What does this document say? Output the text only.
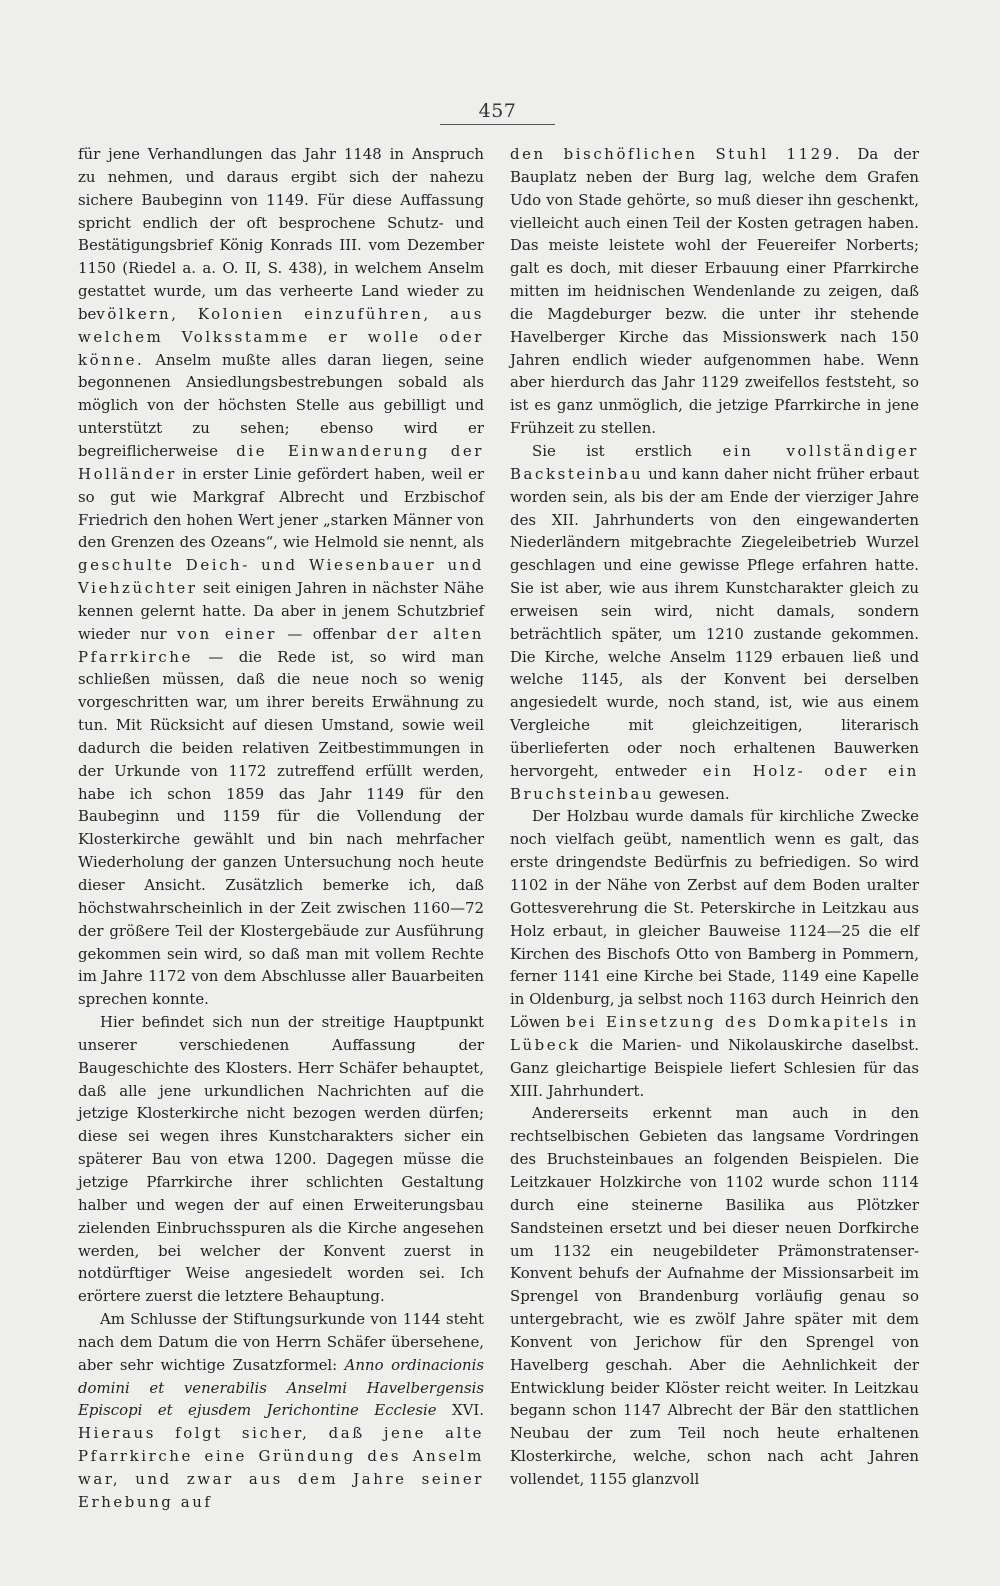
457

für jene Verhandlungen das Jahr 1148 in Anspruch zu nehmen, und daraus ergibt sich der nahezu sichere Baubeginn von 1149. Für diese Auffassung spricht endlich der oft besprochene Schutz- und Bestätigungsbrief König Konrads III. vom Dezember 1150 (Riedel a. a. O. II, S. 438), in welchem Anselm gestattet wurde, um das verheerte Land wieder zu bevölkern, Kolonien einzuführen, aus welchem Volksstamme er wolle oder könne. Anselm mußte alles daran liegen, seine begonnenen Ansiedlungsbestrebungen sobald als möglich von der höchsten Stelle aus gebilligt und unterstützt zu sehen; ebenso wird er begreiflicherweise die Einwanderung der Holländer in erster Linie gefördert haben, weil er so gut wie Markgraf Albrecht und Erzbischof Friedrich den hohen Wert jener „starken Männer von den Grenzen des Ozeans“, wie Helmold sie nennt, als geschulte Deich- und Wiesenbauer und Viehzüchter seit einigen Jahren in nächster Nähe kennen gelernt hatte. Da aber in jenem Schutzbrief wieder nur von einer — offenbar der alten Pfarrkirche — die Rede ist, so wird man schließen müssen, daß die neue noch so wenig vorgeschritten war, um ihrer bereits Erwähnung zu tun. Mit Rücksicht auf diesen Umstand, sowie weil dadurch die beiden relativen Zeitbestimmungen in der Urkunde von 1172 zutreffend erfüllt werden, habe ich schon 1859 das Jahr 1149 für den Baubeginn und 1159 für die Vollendung der Klosterkirche gewählt und bin nach mehrfacher Wiederholung der ganzen Untersuchung noch heute dieser Ansicht. Zusätzlich bemerke ich, daß höchstwahrscheinlich in der Zeit zwischen 1160—72 der größere Teil der Klostergebäude zur Ausführung gekommen sein wird, so daß man mit vollem Rechte im Jahre 1172 von dem Abschlusse aller Bauarbeiten sprechen konnte.

Hier befindet sich nun der streitige Hauptpunkt unserer verschiedenen Auffassung der Baugeschichte des Klosters. Herr Schäfer behauptet, daß alle jene urkundlichen Nachrichten auf die jetzige Klosterkirche nicht bezogen werden dürfen; diese sei wegen ihres Kunstcharakters sicher ein späterer Bau von etwa 1200. Dagegen müsse die jetzige Pfarrkirche ihrer schlichten Gestaltung halber und wegen der auf einen Erweiterungsbau zielenden Einbruchsspuren als die Kirche angesehen werden, bei welcher der Konvent zuerst in notdürftiger Weise angesiedelt worden sei. Ich erörtere zuerst die letztere Behauptung.

Am Schlusse der Stiftungsurkunde von 1144 steht nach dem Datum die von Herrn Schäfer übersehene, aber sehr wichtige Zusatzformel: Anno ordinacionis domini et venerabilis Anselmi Havelbergensis Episcopi et ejusdem Jerichontine Ecclesie XVI. Hieraus folgt sicher, daß jene alte Pfarrkirche eine Gründung des Anselm war, und zwar aus dem Jahre seiner Erhebung auf

den bischöflichen Stuhl 1129. Da der Bauplatz neben der Burg lag, welche dem Grafen Udo von Stade gehörte, so muß dieser ihn geschenkt, vielleicht auch einen Teil der Kosten getragen haben. Das meiste leistete wohl der Feuereifer Norberts; galt es doch, mit dieser Erbauung einer Pfarrkirche mitten im heidnischen Wendenlande zu zeigen, daß die Magdeburger bezw. die unter ihr stehende Havelberger Kirche das Missionswerk nach 150 Jahren endlich wieder aufgenommen habe. Wenn aber hierdurch das Jahr 1129 zweifellos feststeht, so ist es ganz unmöglich, die jetzige Pfarrkirche in jene Frühzeit zu stellen.

Sie ist erstlich ein vollständiger Backsteinbau und kann daher nicht früher erbaut worden sein, als bis der am Ende der vierziger Jahre des XII. Jahrhunderts von den eingewanderten Niederländern mitgebrachte Ziegeleibetrieb Wurzel geschlagen und eine gewisse Pflege erfahren hatte. Sie ist aber, wie aus ihrem Kunstcharakter gleich zu erweisen sein wird, nicht damals, sondern beträchtlich später, um 1210 zustande gekommen. Die Kirche, welche Anselm 1129 erbauen ließ und welche 1145, als der Konvent bei derselben angesiedelt wurde, noch stand, ist, wie aus einem Vergleiche mit gleichzeitigen, literarisch überlieferten oder noch erhaltenen Bauwerken hervorgeht, entweder ein Holz- oder ein Bruchsteinbau gewesen.

Der Holzbau wurde damals für kirchliche Zwecke noch vielfach geübt, namentlich wenn es galt, das erste dringendste Bedürfnis zu befriedigen. So wird 1102 in der Nähe von Zerbst auf dem Boden uralter Gottesverehrung die St. Peterskirche in Leitzkau aus Holz erbaut, in gleicher Bauweise 1124—25 die elf Kirchen des Bischofs Otto von Bamberg in Pommern, ferner 1141 eine Kirche bei Stade, 1149 eine Kapelle in Oldenburg, ja selbst noch 1163 durch Heinrich den Löwen bei Einsetzung des Domkapitels in Lübeck die Marien- und Nikolauskirche daselbst. Ganz gleichartige Beispiele liefert Schlesien für das XIII. Jahrhundert.

Andererseits erkennt man auch in den rechtselbischen Gebieten das langsame Vordringen des Bruchsteinbaues an folgenden Beispielen. Die Leitzkauer Holzkirche von 1102 wurde schon 1114 durch eine steinerne Basilika aus Plötzker Sandsteinen ersetzt und bei dieser neuen Dorfkirche um 1132 ein neugebildeter Prämonstratenser-Konvent behufs der Aufnahme der Missionsarbeit im Sprengel von Brandenburg vorläufig genau so untergebracht, wie es zwölf Jahre später mit dem Konvent von Jerichow für den Sprengel von Havelberg geschah. Aber die Aehnlichkeit der Entwicklung beider Klöster reicht weiter. In Leitzkau begann schon 1147 Albrecht der Bär den stattlichen Neubau der zum Teil noch heute erhaltenen Klosterkirche, welche, schon nach acht Jahren vollendet, 1155 glanzvoll
